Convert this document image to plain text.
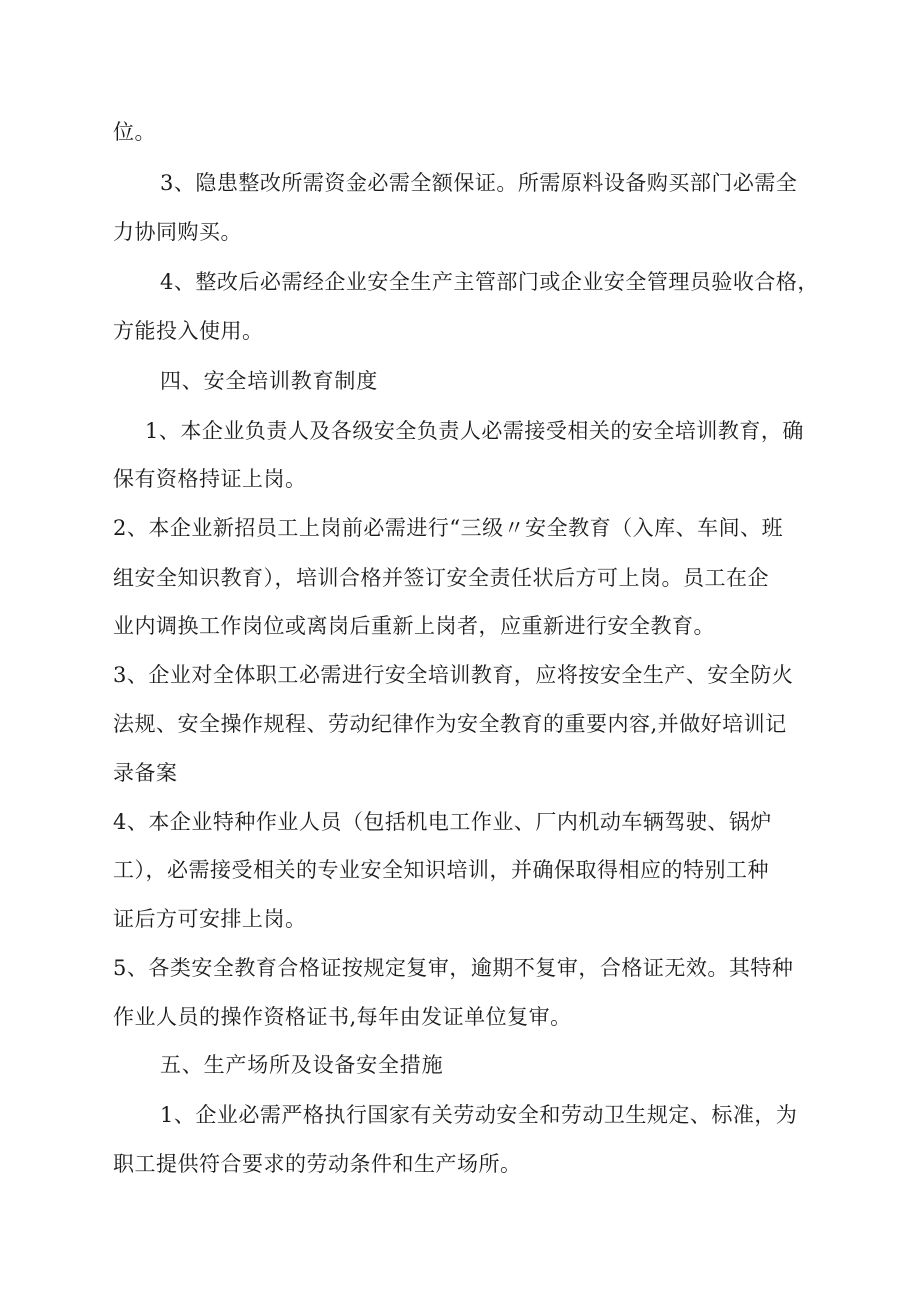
位。
3、隐患整改所需资金必需全额保证。所需原料设备购买部门必需全
力协同购买。
4、整改后必需经企业安全生产主管部门或企业安全管理员验收合格，
方能投入使用。
四、安全培训教育制度
1、本企业负责人及各级安全负责人必需接受相关的安全培训教育，确
保有资格持证上岗。
2、本企业新招员工上岗前必需进行“三级〃安全教育（入库、车间、班
组安全知识教育），培训合格并签订安全责任状后方可上岗。员工在企
业内调换工作岗位或离岗后重新上岗者，应重新进行安全教育。
3、企业对全体职工必需进行安全培训教育，应将按安全生产、安全防火
法规、安全操作规程、劳动纪律作为安全教育的重要内容,并做好培训记
录备案
4、本企业特种作业人员（包括机电工作业、厂内机动车辆驾驶、锅炉
工），必需接受相关的专业安全知识培训，并确保取得相应的特别工种
证后方可安排上岗。
5、各类安全教育合格证按规定复审，逾期不复审，合格证无效。其特种
作业人员的操作资格证书,每年由发证单位复审。
五、生产场所及设备安全措施
1、企业必需严格执行国家有关劳动安全和劳动卫生规定、标准，为
职工提供符合要求的劳动条件和生产场所。
